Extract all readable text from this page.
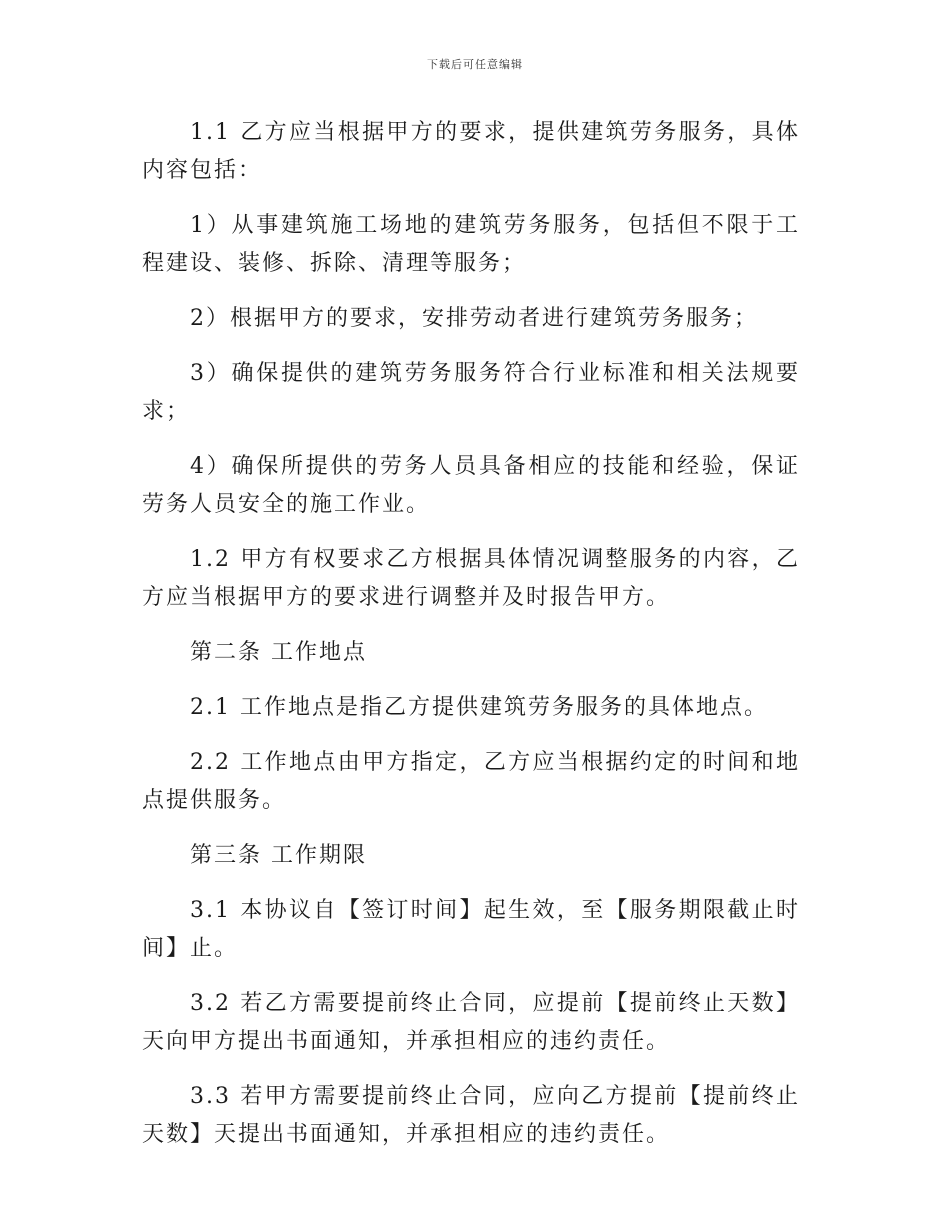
下载后可任意编辑

1.1 乙方应当根据甲方的要求，提供建筑劳务服务，具体内容包括：

1）从事建筑施工场地的建筑劳务服务，包括但不限于工程建设、装修、拆除、清理等服务；

2）根据甲方的要求，安排劳动者进行建筑劳务服务；

3）确保提供的建筑劳务服务符合行业标准和相关法规要求；

4）确保所提供的劳务人员具备相应的技能和经验，保证劳务人员安全的施工作业。

1.2 甲方有权要求乙方根据具体情况调整服务的内容，乙方应当根据甲方的要求进行调整并及时报告甲方。

第二条 工作地点

2.1 工作地点是指乙方提供建筑劳务服务的具体地点。

2.2 工作地点由甲方指定，乙方应当根据约定的时间和地点提供服务。

第三条 工作期限

3.1 本协议自【签订时间】起生效，至【服务期限截止时间】止。

3.2 若乙方需要提前终止合同，应提前【提前终止天数】天向甲方提出书面通知，并承担相应的违约责任。

3.3 若甲方需要提前终止合同，应向乙方提前【提前终止天数】天提出书面通知，并承担相应的违约责任。
